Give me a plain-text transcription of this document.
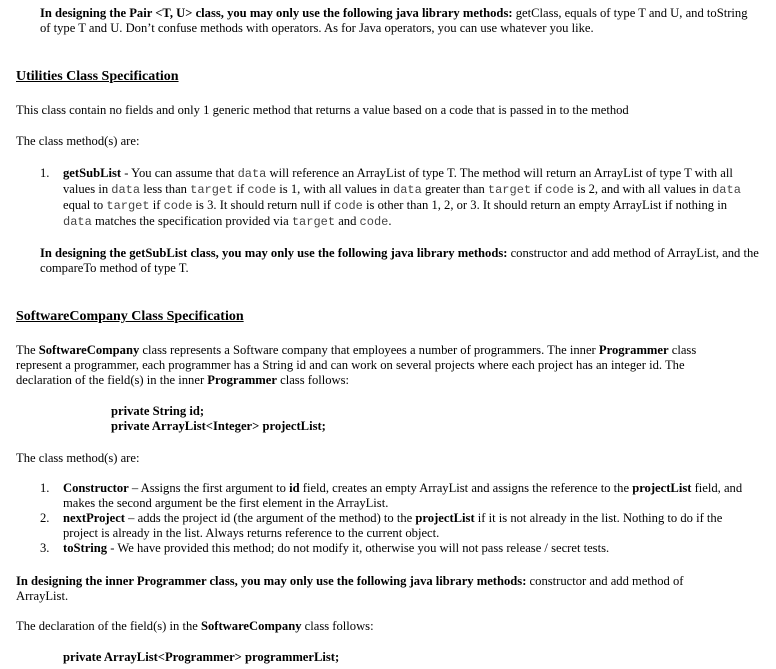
In designing the Pair <T, U> class, you may only use the following java library methods: getClass, equals of type T and U, and toString of type T and U. Don’t confuse methods with operators. As for Java operators, you can use whatever you like.

Utilities Class Specification

This class contain no fields and only 1 generic method that returns a value based on a code that is passed in to the method

The class method(s) are:

1. getSubList - You can assume that data will reference an ArrayList of type T. The method will return an ArrayList of type T with all values in data less than target if code is 1, with all values in data greater than target if code is 2, and with all values in data equal to target if code is 3. It should return null if code is other than 1, 2, or 3. It should return an empty ArrayList if nothing in data matches the specification provided via target and code.

In designing the getSubList class, you may only use the following java library methods: constructor and add method of ArrayList, and the compareTo method of type T.

SoftwareCompany Class Specification

The SoftwareCompany class represents a Software company that employees a number of programmers. The inner Programmer class represent a programmer, each programmer has a String id and can work on several projects where each project has an integer id. The declaration of the field(s) in the inner Programmer class follows:

private String id;

private ArrayList<Integer> projectList;

The class method(s) are:

1. Constructor – Assigns the first argument to id field, creates an empty ArrayList and assigns the reference to the projectList field, and makes the second argument be the first element in the ArrayList.

2. nextProject – adds the project id (the argument of the method) to the projectList if it is not already in the list. Nothing to do if the project is already in the list. Always returns reference to the current object.

3. toString - We have provided this method; do not modify it, otherwise you will not pass release / secret tests.

In designing the inner Programmer class, you may only use the following java library methods: constructor and add method of ArrayList.

The declaration of the field(s) in the SoftwareCompany class follows:

private ArrayList<Programmer> programmerList;
